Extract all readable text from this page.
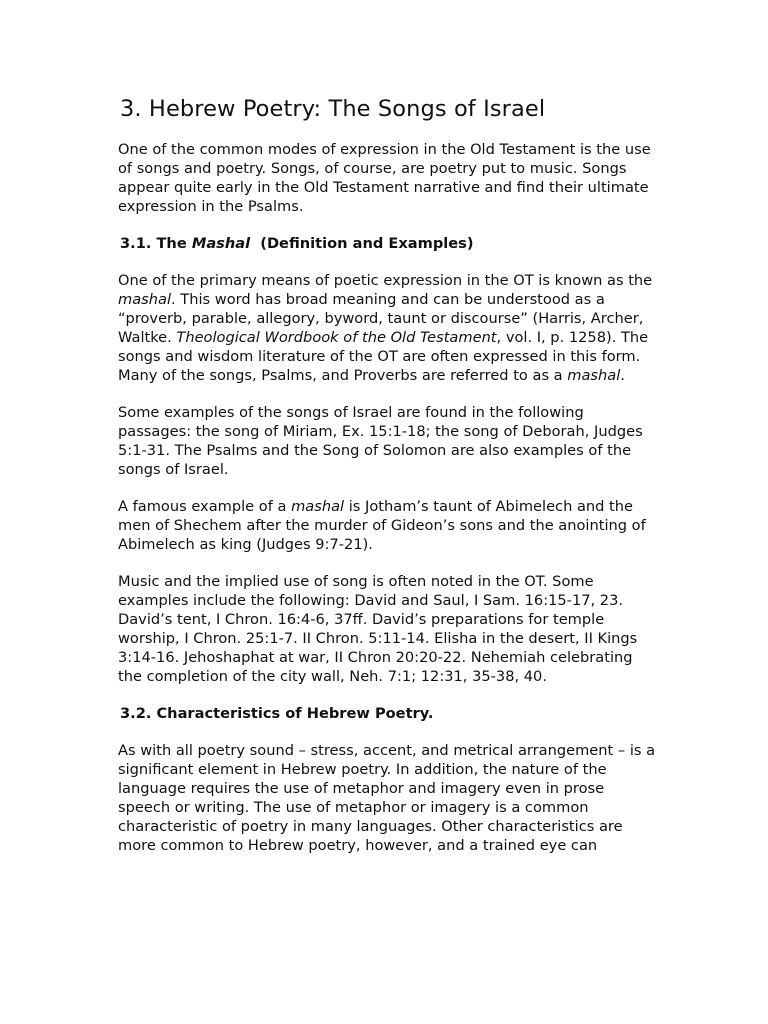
3. Hebrew Poetry: The Songs of Israel

One of the common modes of expression in the Old Testament is the use of songs and poetry. Songs, of course, are poetry put to music. Songs appear quite early in the Old Testament narrative and find their ultimate expression in the Psalms.

3.1. The Mashal  (Definition and Examples)

One of the primary means of poetic expression in the OT is known as the mashal. This word has broad meaning and can be understood as a “proverb, parable, allegory, byword, taunt or discourse” (Harris, Archer, Waltke. Theological Wordbook of the Old Testament, vol. I, p. 1258). The songs and wisdom literature of the OT are often expressed in this form. Many of the songs, Psalms, and Proverbs are referred to as a mashal.

Some examples of the songs of Israel are found in the following passages: the song of Miriam, Ex. 15:1-18; the song of Deborah, Judges 5:1-31. The Psalms and the Song of Solomon are also examples of the songs of Israel.

A famous example of a mashal is Jotham’s taunt of Abimelech and the men of Shechem after the murder of Gideon’s sons and the anointing of Abimelech as king (Judges 9:7-21).

Music and the implied use of song is often noted in the OT. Some examples include the following: David and Saul, I Sam. 16:15-17, 23. David’s tent, I Chron. 16:4-6, 37ff. David’s preparations for temple worship, I Chron. 25:1-7. II Chron. 5:11-14. Elisha in the desert, II Kings 3:14-16. Jehoshaphat at war, II Chron 20:20-22. Nehemiah celebrating the completion of the city wall, Neh. 7:1; 12:31, 35-38, 40.

3.2. Characteristics of Hebrew Poetry.

As with all poetry sound – stress, accent, and metrical arrangement – is a significant element in Hebrew poetry. In addition, the nature of the language requires the use of metaphor and imagery even in prose speech or writing. The use of metaphor or imagery is a common characteristic of poetry in many languages. Other characteristics are more common to Hebrew poetry, however, and a trained eye can
